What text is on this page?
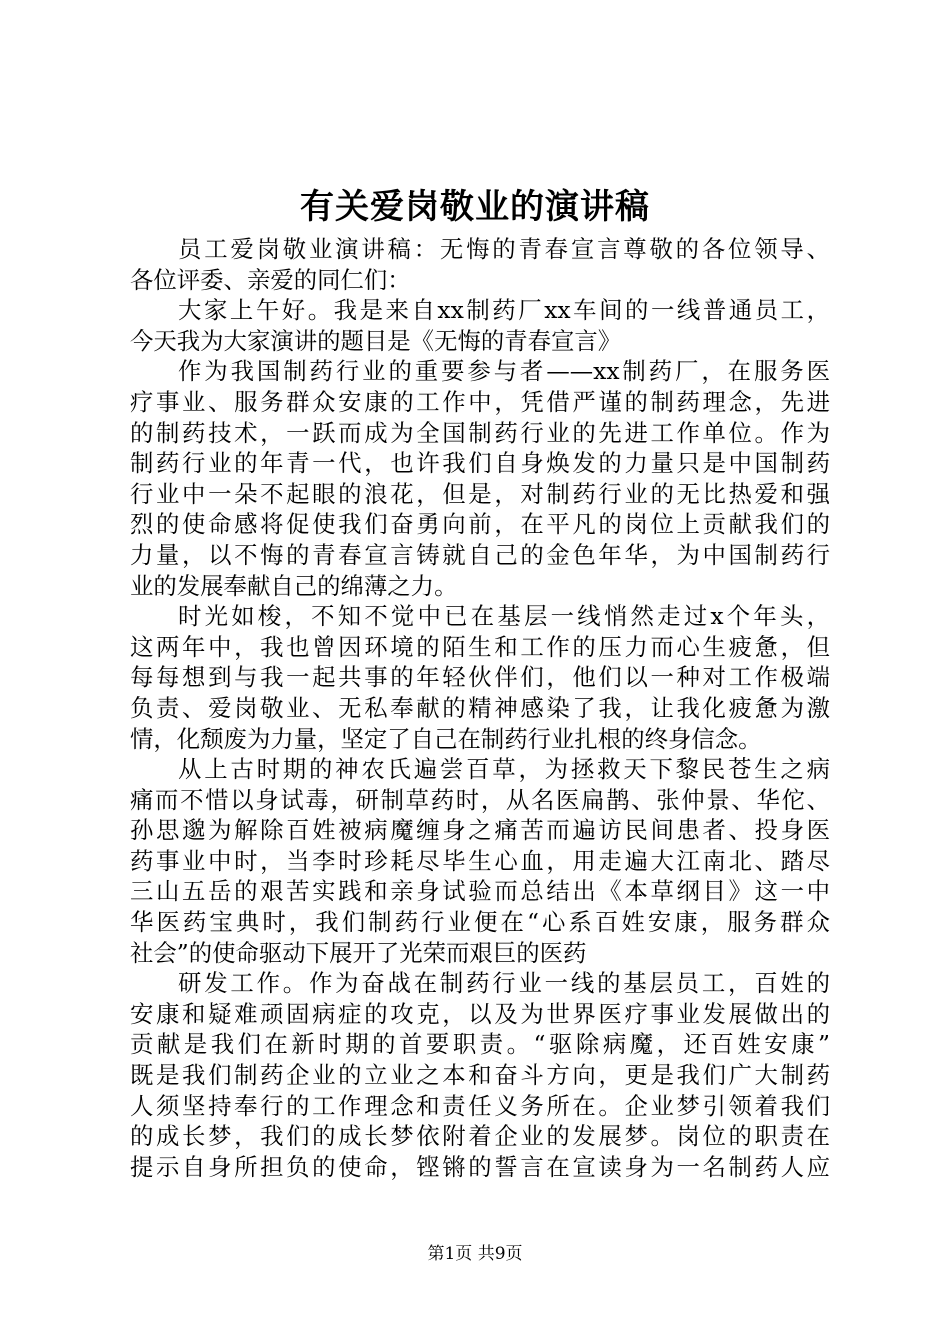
有关爱岗敬业的演讲稿
员工爱岗敬业演讲稿：无悔的青春宣言尊敬的各位领导、
各位评委、亲爱的同仁们：
大家上午好。我是来自xx制药厂xx车间的一线普通员工，
今天我为大家演讲的题目是《无悔的青春宣言》
作为我国制药行业的重要参与者——xx制药厂，在服务医
疗事业、服务群众安康的工作中，凭借严谨的制药理念，先进
的制药技术，一跃而成为全国制药行业的先进工作单位。作为
制药行业的年青一代，也许我们自身焕发的力量只是中国制药
行业中一朵不起眼的浪花，但是，对制药行业的无比热爱和强
烈的使命感将促使我们奋勇向前，在平凡的岗位上贡献我们的
力量，以不悔的青春宣言铸就自己的金色年华，为中国制药行
业的发展奉献自己的绵薄之力。
时光如梭，不知不觉中已在基层一线悄然走过x个年头，
这两年中，我也曾因环境的陌生和工作的压力而心生疲惫，但
每每想到与我一起共事的年轻伙伴们，他们以一种对工作极端
负责、爱岗敬业、无私奉献的精神感染了我，让我化疲惫为激
情，化颓废为力量，坚定了自己在制药行业扎根的终身信念。
从上古时期的神农氏遍尝百草，为拯救天下黎民苍生之病
痛而不惜以身试毒，研制草药时，从名医扁鹊、张仲景、华佗、
孙思邈为解除百姓被病魔缠身之痛苦而遍访民间患者、投身医
药事业中时，当李时珍耗尽毕生心血，用走遍大江南北、踏尽
三山五岳的艰苦实践和亲身试验而总结出《本草纲目》这一中
华医药宝典时，我们制药行业便在“心系百姓安康，服务群众
社会”的使命驱动下展开了光荣而艰巨的医药
研发工作。作为奋战在制药行业一线的基层员工，百姓的
安康和疑难顽固病症的攻克，以及为世界医疗事业发展做出的
贡献是我们在新时期的首要职责。“驱除病魔，还百姓安康”
既是我们制药企业的立业之本和奋斗方向，更是我们广大制药
人须坚持奉行的工作理念和责任义务所在。企业梦引领着我们
的成长梦，我们的成长梦依附着企业的发展梦。岗位的职责在
提示自身所担负的使命，铿锵的誓言在宣读身为一名制药人应
第1页 共9页
